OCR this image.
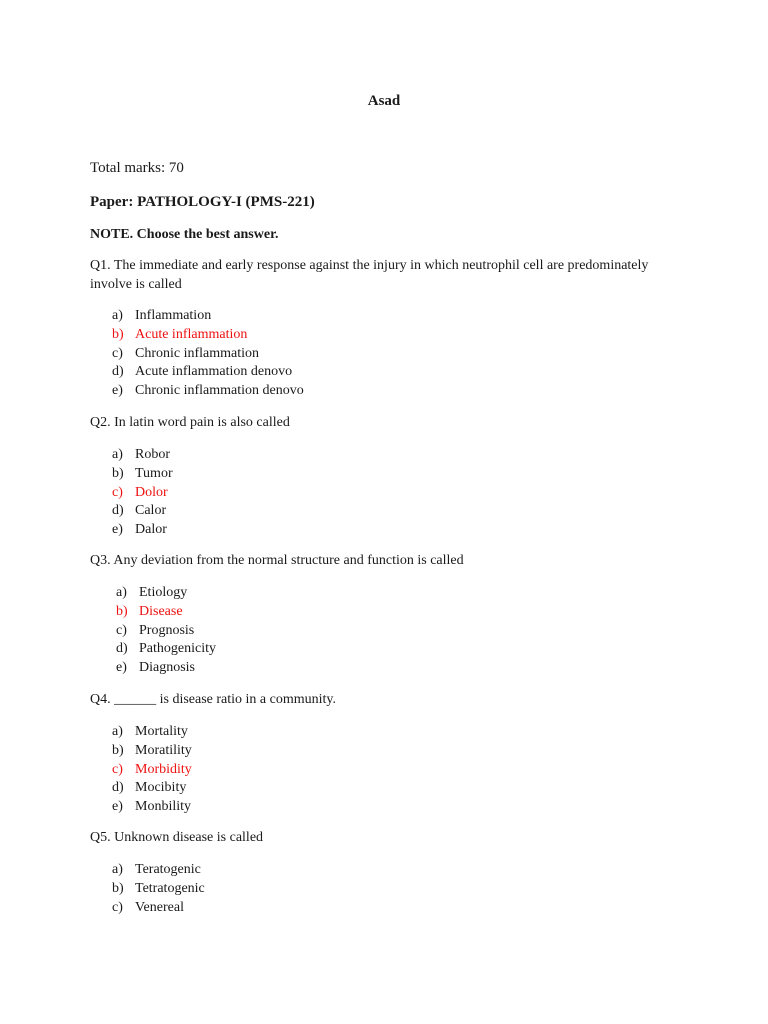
Asad
Total marks: 70
Paper: PATHOLOGY-I (PMS-221)
NOTE. Choose the best answer.
Q1. The immediate and early response against the injury in which neutrophil cell are predominately involve is called
a) Inflammation
b) Acute inflammation
c) Chronic inflammation
d) Acute inflammation denovo
e) Chronic inflammation denovo
Q2. In latin word pain is also called
a) Robor
b) Tumor
c) Dolor
d) Calor
e) Dalor
Q3. Any deviation from the normal structure and function is called
a) Etiology
b) Disease
c) Prognosis
d) Pathogenicity
e) Diagnosis
Q4. ______ is disease ratio in a community.
a) Mortality
b) Moratility
c) Morbidity
d) Mocibity
e) Monbility
Q5. Unknown disease is called
a) Teratogenic
b) Tetratogenic
c) Venereal
